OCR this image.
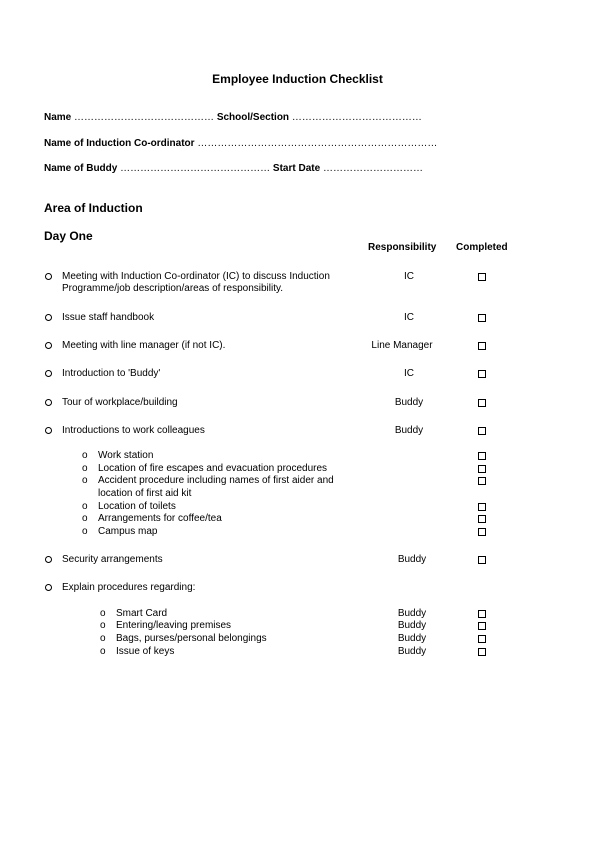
Employee Induction Checklist
Name …………………………………… School/Section …………………………………
Name of Induction Co-ordinator ………………………………………………………………
Name of Buddy ……………………………………… Start Date …………………………
Area of Induction
Day One
Responsibility Completed
Meeting with Induction Co-ordinator (IC) to discuss Induction
Programme/job description/areas of responsibility.
IC
Issue staff handbook	IC
Meeting with line manager (if not IC).	Line Manager
Introduction to 'Buddy'	IC
Tour of workplace/building	Buddy
Introductions to work colleagues	Buddy
o Work station
o Location of fire escapes and evacuation procedures
o Accident procedure including names of first aider and
location of first aid kit
o Location of toilets
o Arrangements for coffee/tea
o Campus map
Security arrangements	Buddy
Explain procedures regarding:
o Smart Card	Buddy
o Entering/leaving premises	Buddy
o Bags, purses/personal belongings	Buddy
o Issue of keys	Buddy
